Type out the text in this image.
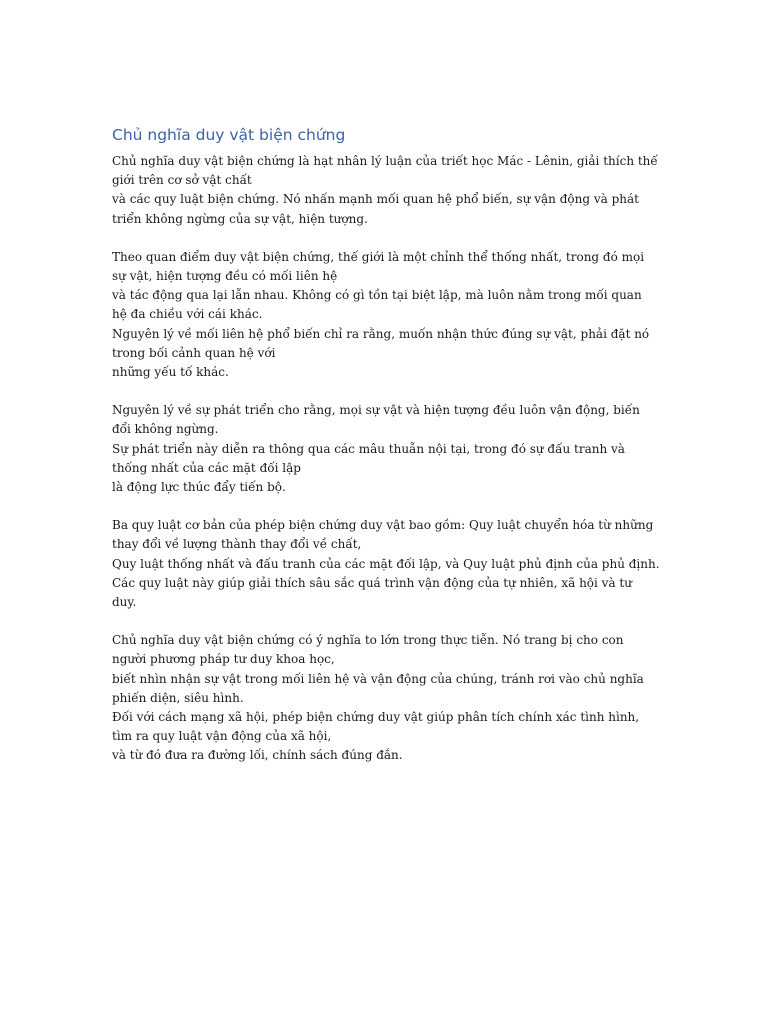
Chủ nghĩa duy vật biện chứng

Chủ nghĩa duy vật biện chứng là hạt nhân lý luận của triết học Mác - Lênin, giải thích thế giới trên cơ sở vật chất

và các quy luật biện chứng. Nó nhấn mạnh mối quan hệ phổ biến, sự vận động và phát triển không ngừng của sự vật, hiện tượng.

Theo quan điểm duy vật biện chứng, thế giới là một chỉnh thể thống nhất, trong đó mọi sự vật, hiện tượng đều có mối liên hệ

và tác động qua lại lẫn nhau. Không có gì tồn tại biệt lập, mà luôn nằm trong mối quan hệ đa chiều với cái khác.

Nguyên lý về mối liên hệ phổ biến chỉ ra rằng, muốn nhận thức đúng sự vật, phải đặt nó trong bối cảnh quan hệ với

những yếu tố khác.

Nguyên lý về sự phát triển cho rằng, mọi sự vật và hiện tượng đều luôn vận động, biến đổi không ngừng.

Sự phát triển này diễn ra thông qua các mâu thuẫn nội tại, trong đó sự đấu tranh và thống nhất của các mặt đối lập

là động lực thúc đẩy tiến bộ.

Ba quy luật cơ bản của phép biện chứng duy vật bao gồm: Quy luật chuyển hóa từ những thay đổi về lượng thành thay đổi về chất,

Quy luật thống nhất và đấu tranh của các mặt đối lập, và Quy luật phủ định của phủ định.

Các quy luật này giúp giải thích sâu sắc quá trình vận động của tự nhiên, xã hội và tư duy.

Chủ nghĩa duy vật biện chứng có ý nghĩa to lớn trong thực tiễn. Nó trang bị cho con người phương pháp tư duy khoa học,

biết nhìn nhận sự vật trong mối liên hệ và vận động của chúng, tránh rơi vào chủ nghĩa phiến diện, siêu hình.

Đối với cách mạng xã hội, phép biện chứng duy vật giúp phân tích chính xác tình hình, tìm ra quy luật vận động của xã hội,

và từ đó đưa ra đường lối, chính sách đúng đắn.
